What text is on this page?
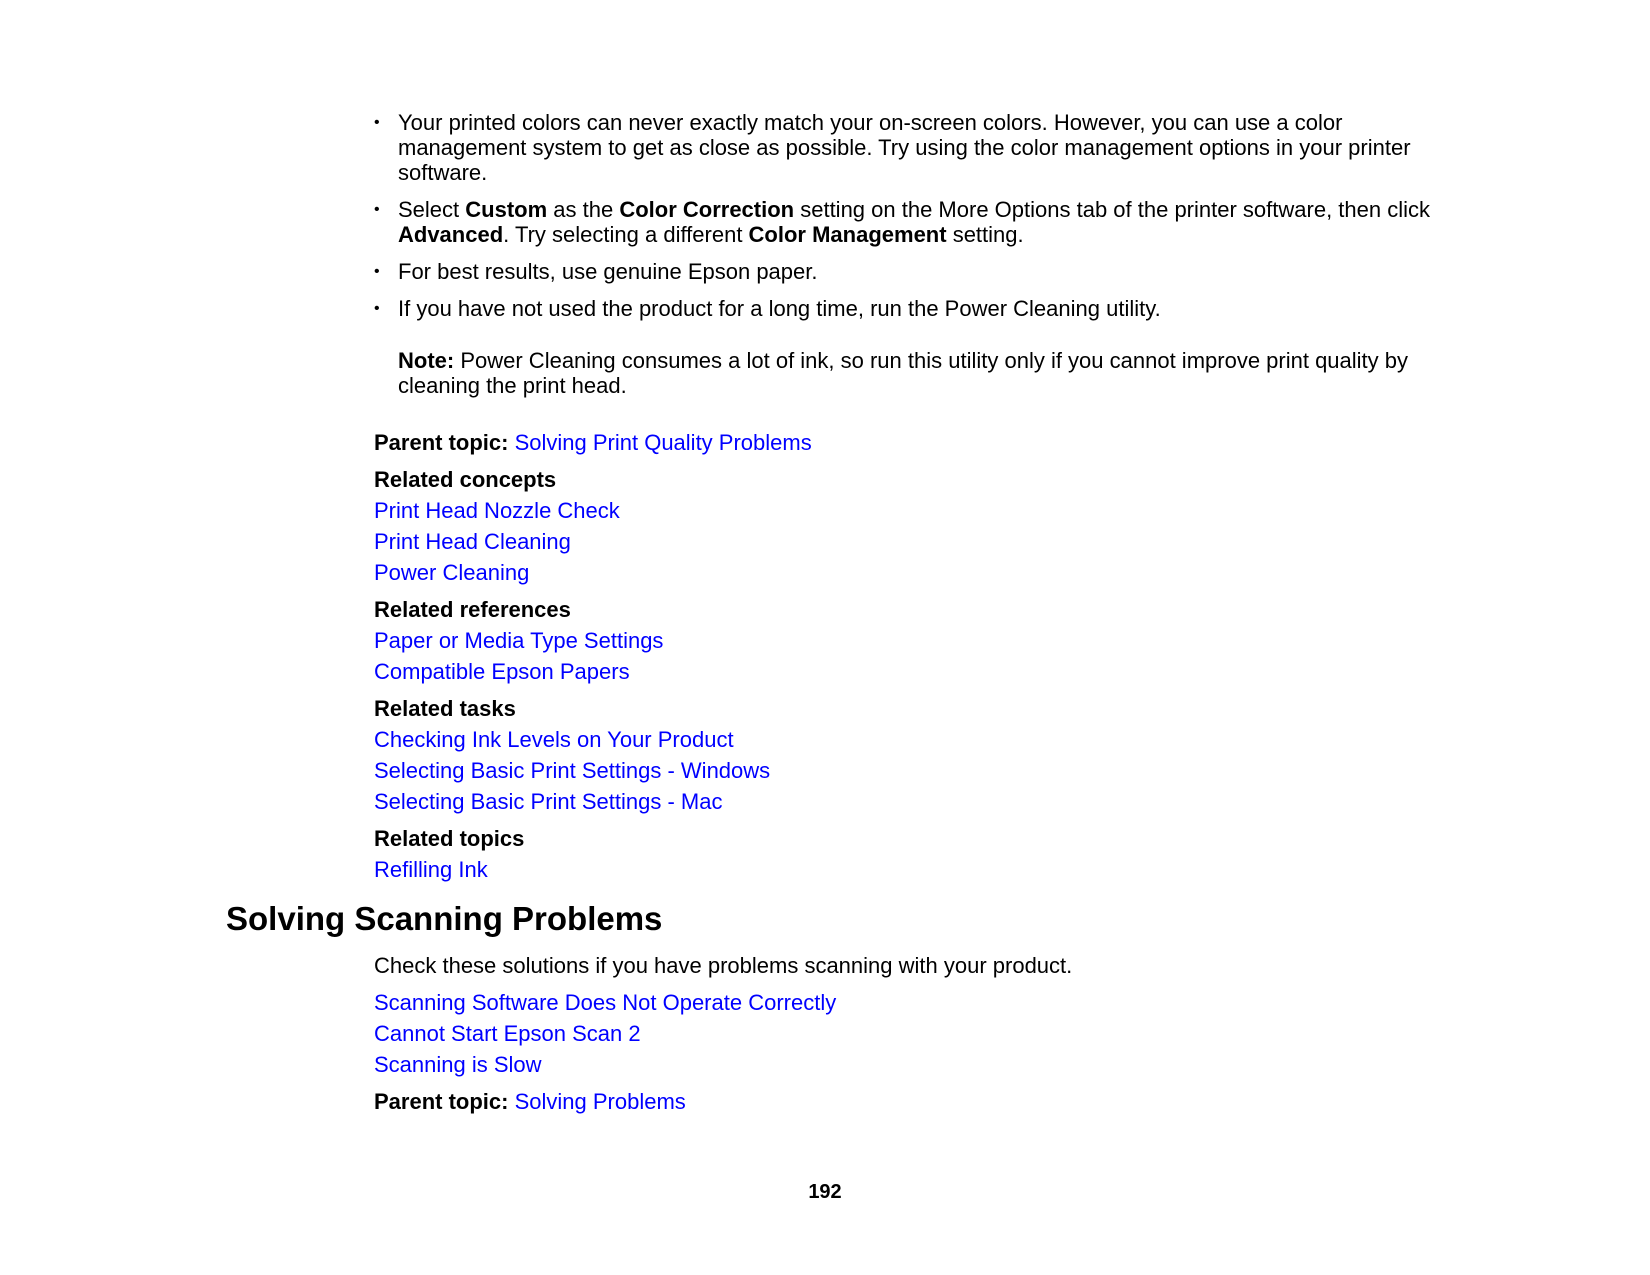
• Your printed colors can never exactly match your on-screen colors. However, you can use a color management system to get as close as possible. Try using the color management options in your printer software.
• Select Custom as the Color Correction setting on the More Options tab of the printer software, then click Advanced. Try selecting a different Color Management setting.
• For best results, use genuine Epson paper.
• If you have not used the product for a long time, run the Power Cleaning utility.
Note: Power Cleaning consumes a lot of ink, so run this utility only if you cannot improve print quality by cleaning the print head.
Parent topic: Solving Print Quality Problems
Related concepts
Print Head Nozzle Check
Print Head Cleaning
Power Cleaning
Related references
Paper or Media Type Settings
Compatible Epson Papers
Related tasks
Checking Ink Levels on Your Product
Selecting Basic Print Settings - Windows
Selecting Basic Print Settings - Mac
Related topics
Refilling Ink
Solving Scanning Problems
Check these solutions if you have problems scanning with your product.
Scanning Software Does Not Operate Correctly
Cannot Start Epson Scan 2
Scanning is Slow
Parent topic: Solving Problems
192
